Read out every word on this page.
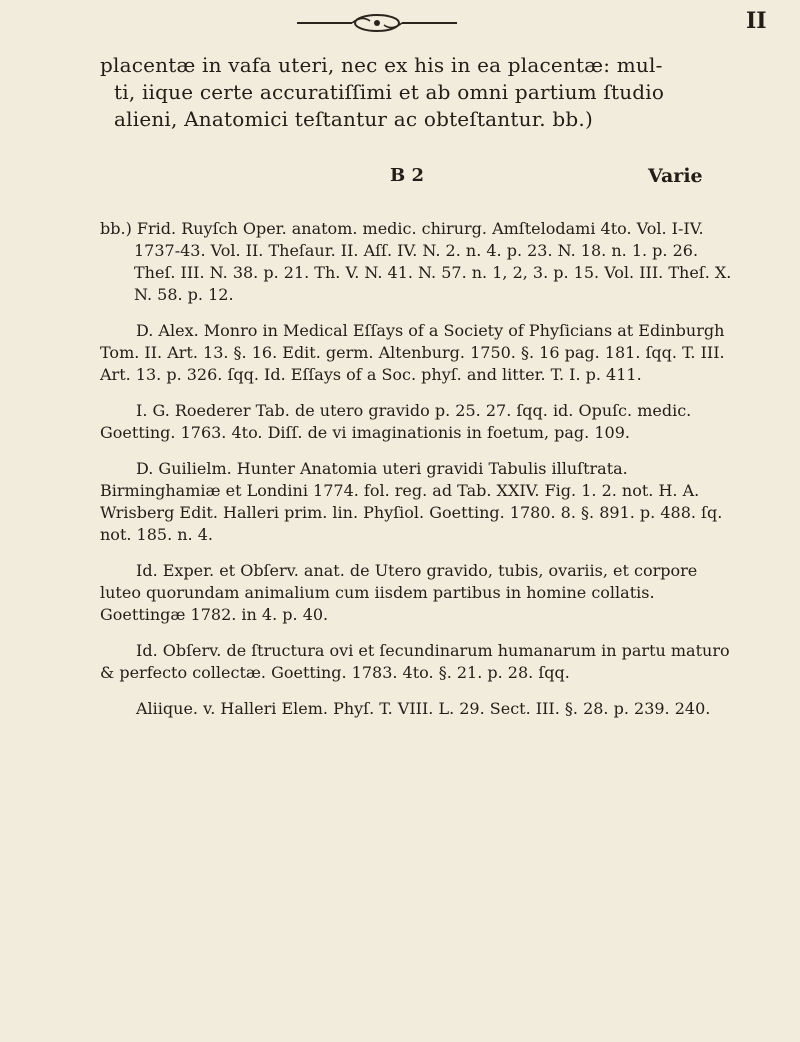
II
placentæ in vafa uteri, nec ex his in ea placentæ: mul-
ti, iique certe accuratiſſimi et ab omni partium ſtudio
alieni, Anatomici teſtantur ac obteſtantur. bb.)
B 2	Varie

bb.) Frid. Ruyſch Oper. anatom. medic. chirurg. Amſtelodami 4to. Vol. I-IV. 1737-43. Vol. II. Theſaur. II. Aſſ. IV. N. 2. n. 4. p. 23. N. 18. n. 1. p. 26. Theſ. III. N. 38. p. 21. Th. V. N. 41. N. 57. n. 1, 2, 3. p. 15. Vol. III. Theſ. X. N. 58. p. 12.

D. Alex. Monro in Medical Eſſays of a Society of Phyſicians at Edinburgh Tom. II. Art. 13. §. 16. Edit. germ. Altenburg. 1750. §. 16 pag. 181. ſqq. T. III. Art. 13. p. 326. ſqq. Id. Eſſays of a Soc. phyſ. and litter. T. I. p. 411.

I. G. Roederer Tab. de utero gravido p. 25. 27. ſqq. id. Opuſc. medic. Goetting. 1763. 4to. Diſſ. de vi imaginationis in foetum, pag. 109.

D. Guilielm. Hunter Anatomia uteri gravidi Tabulis illuſtrata. Birminghamiæ et Londini 1774. fol. reg. ad Tab. XXIV. Fig. 1. 2. not. H. A. Wrisberg Edit. Halleri prim. lin. Phyſiol. Goetting. 1780. 8. §. 891. p. 488. ſq. not. 185. n. 4.

Id. Exper. et Obſerv. anat. de Utero gravido, tubis, ovariis, et corpore luteo quorundam animalium cum iisdem partibus in homine collatis. Goettingæ 1782. in 4. p. 40.

Id. Obſerv. de ſtructura ovi et ſecundinarum humanarum in partu maturo & perfecto collectæ. Goetting. 1783. 4to. §. 21. p. 28. ſqq.

Aliique. v. Halleri Elem. Phyſ. T. VIII. L. 29. Sect. III. §. 28. p. 239. 240.
